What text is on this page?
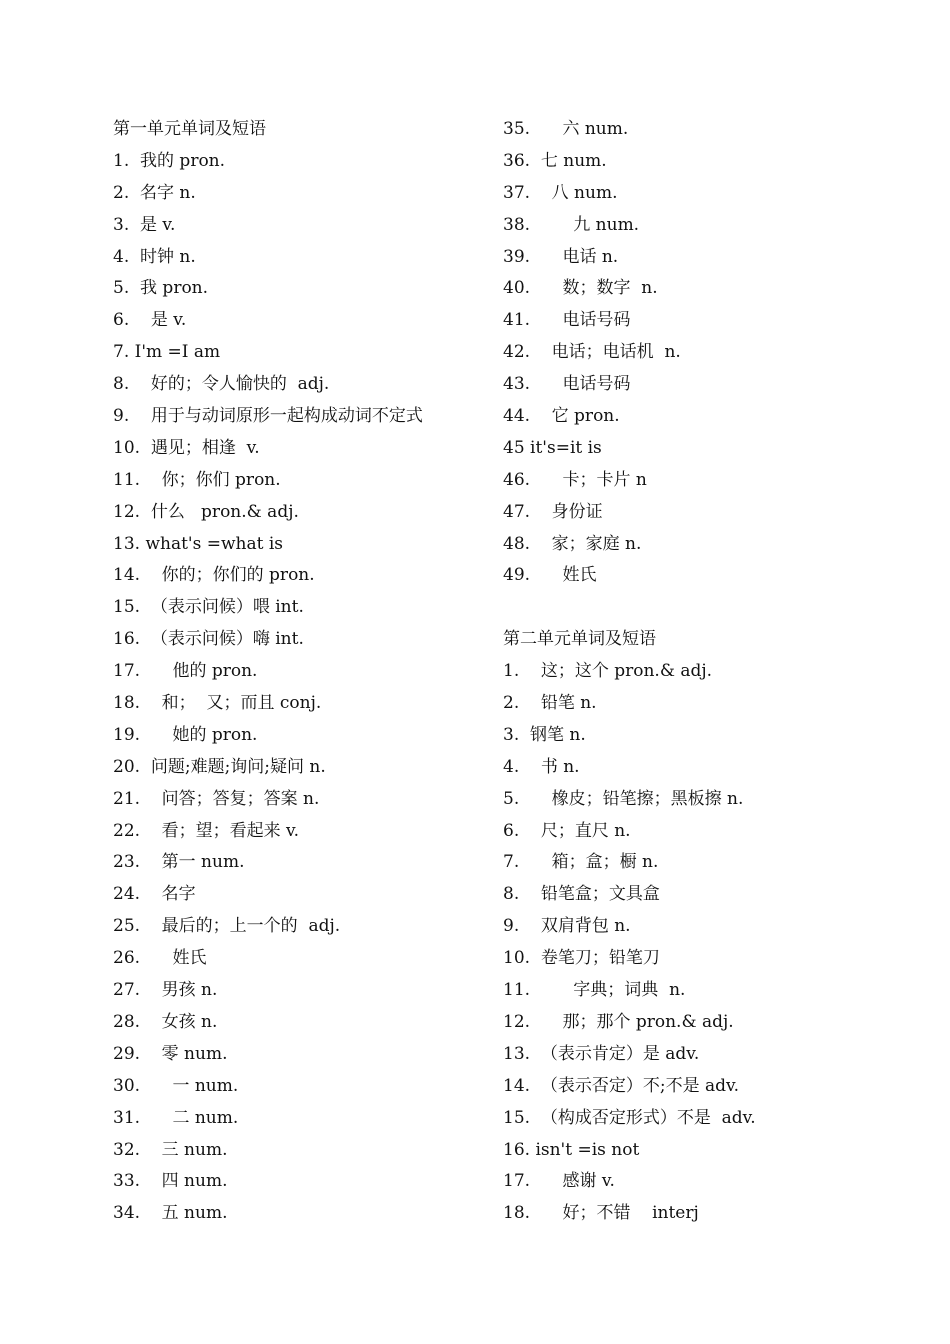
第一单元单词及短语
1.  我的 pron.
2.  名字 n.
3.  是 v.
4.  时钟 n.
5.  我 pron.
6.    是 v.
7. I'm =I am
8.    好的；令人愉快的  adj.
9.    用于与动词原形一起构成动词不定式
10.  遇见；相逢  v.
11.    你；你们 pron.
12.  什么   pron.& adj.
13. what's =what is
14.    你的；你们的 pron.
15.  （表示问候）喂 int.
16.  （表示问候）嗨 int.
17.      他的 pron.
18.    和；  又；而且 conj.
19.      她的 pron.
20.  问题;难题;询问;疑问 n.
21.    问答；答复；答案 n.
22.    看；望；看起来 v.
23.    第一 num.
24.    名字
25.    最后的；上一个的  adj.
26.      姓氏
27.    男孩 n.
28.    女孩 n.
29.    零 num.
30.      一 num.
31.      二 num.
32.    三 num.
33.    四 num.
34.    五 num.
35.      六 num.
36.  七 num.
37.    八 num.
38.        九 num.
39.      电话 n.
40.      数；数字  n.
41.      电话号码
42.    电话；电话机  n.
43.      电话号码
44.    它 pron.
45 it's=it is
46.      卡；卡片 n
47.    身份证
48.    家；家庭 n.
49.      姓氏
第二单元单词及短语
1.    这；这个 pron.& adj.
2.    铅笔 n.
3.  钢笔 n.
4.    书 n.
5.      橡皮；铅笔擦；黑板擦 n.
6.    尺；直尺 n.
7.      箱；盒；橱 n.
8.    铅笔盒；文具盒
9.    双肩背包 n.
10.  卷笔刀；铅笔刀
11.        字典；词典  n.
12.      那；那个 pron.& adj.
13.  （表示肯定）是 adv.
14.  （表示否定）不;不是 adv.
15.  （构成否定形式）不是  adv.
16. isn't =is not
17.      感谢 v.
18.      好；不错    interj
